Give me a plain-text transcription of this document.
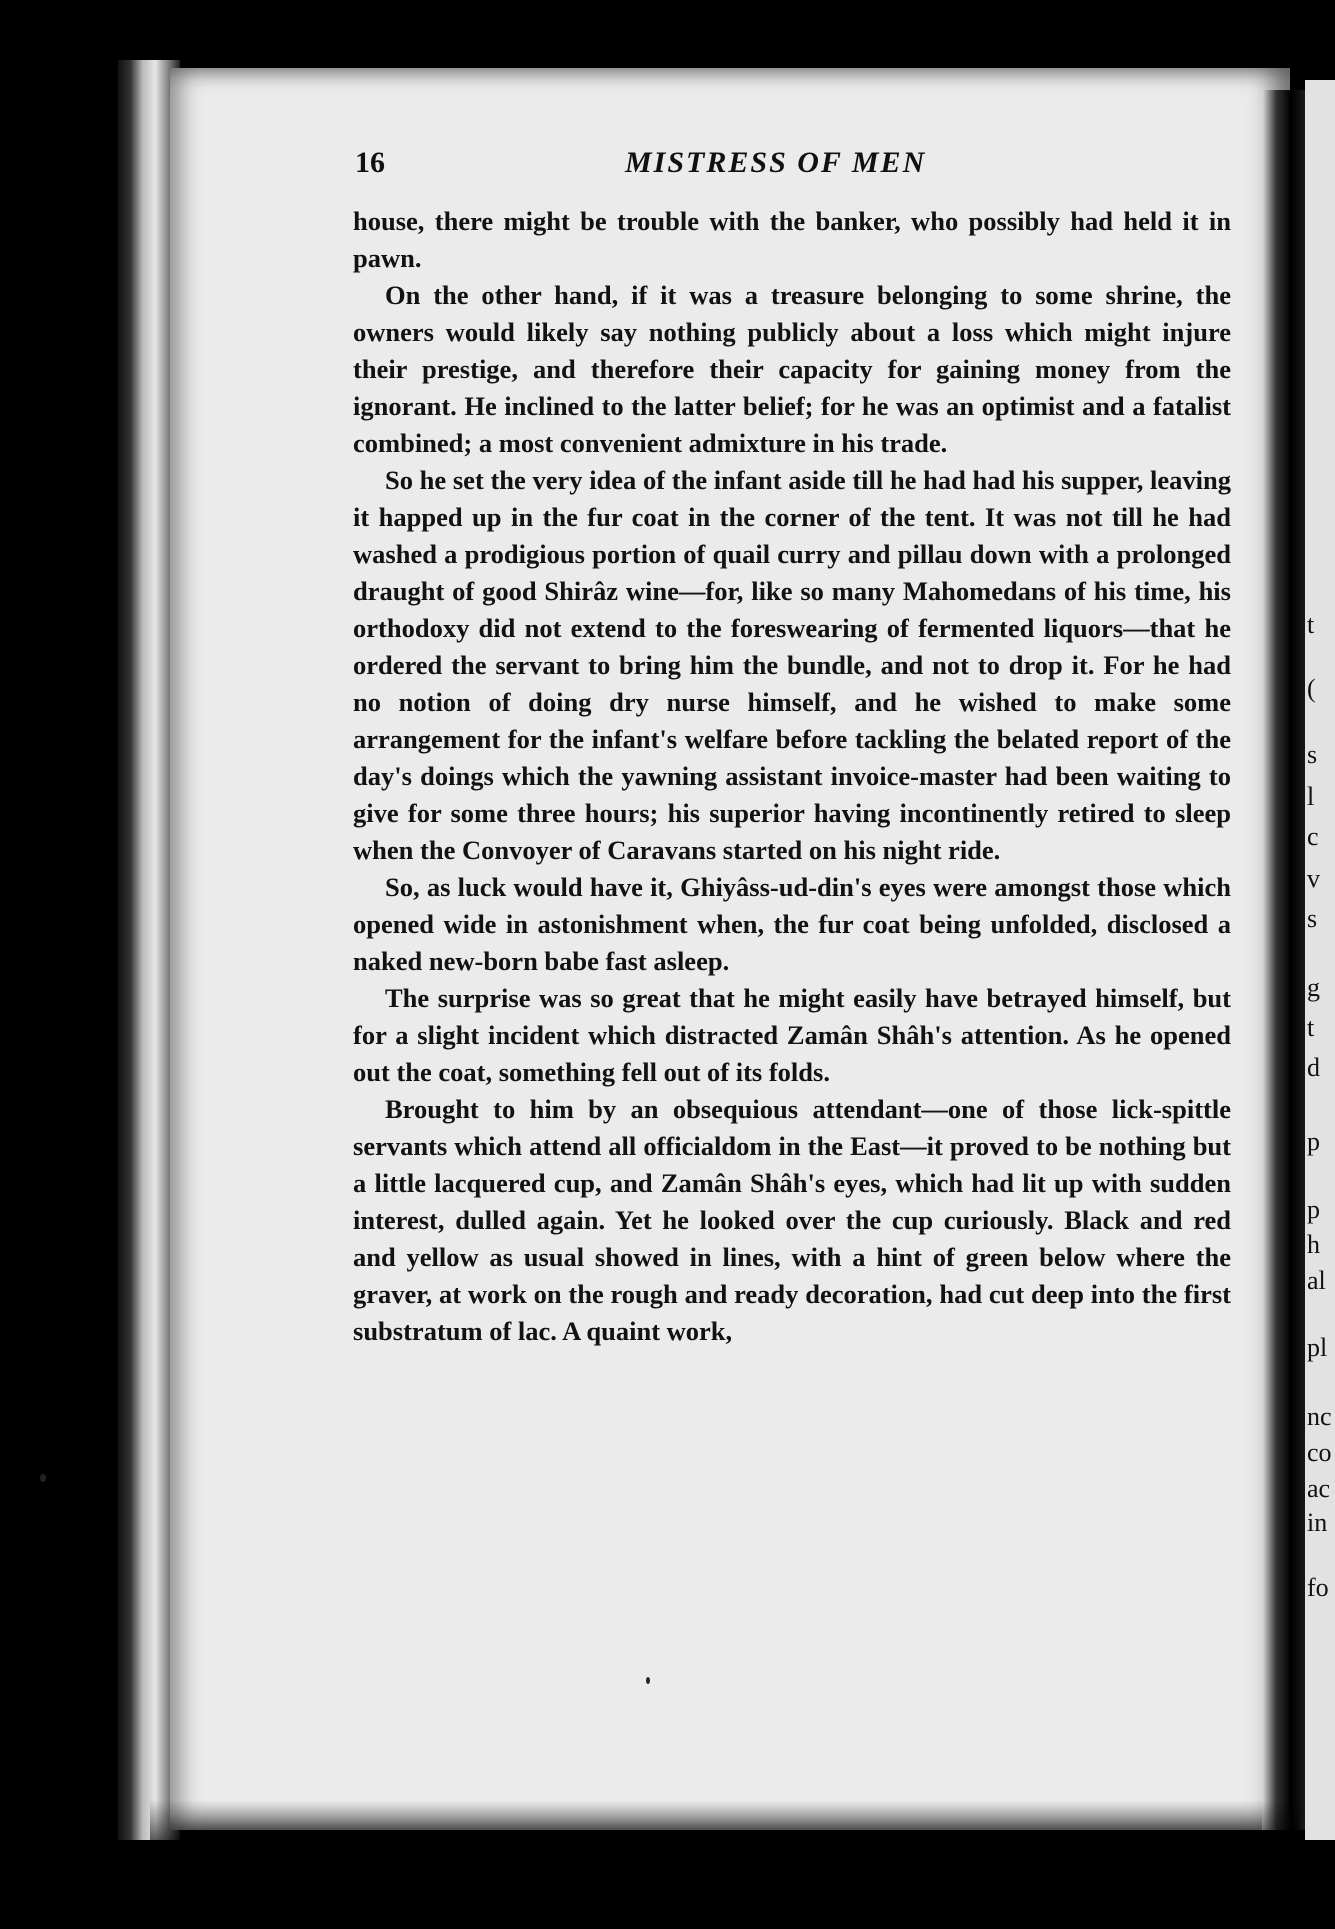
t
(
s
l
c
v
s
g
t
d
p
p
h
al
pl
nc
co
ac
in
fo
16	MISTRESS OF MEN

house, there might be trouble with the banker, who possibly had held it in pawn.

On the other hand, if it was a treasure belonging to some shrine, the owners would likely say nothing publicly about a loss which might injure their prestige, and therefore their capacity for gaining money from the ignorant. He inclined to the latter belief; for he was an optimist and a fatalist combined; a most convenient admixture in his trade.

So he set the very idea of the infant aside till he had had his supper, leaving it happed up in the fur coat in the corner of the tent. It was not till he had washed a prodigious portion of quail curry and pillau down with a prolonged draught of good Shirâz wine—for, like so many Mahomedans of his time, his orthodoxy did not extend to the foreswearing of fermented liquors—that he ordered the servant to bring him the bundle, and not to drop it. For he had no notion of doing dry nurse himself, and he wished to make some arrangement for the infant's welfare before tackling the belated report of the day's doings which the yawning assistant invoice-master had been waiting to give for some three hours; his superior having incontinently retired to sleep when the Convoyer of Caravans started on his night ride.

So, as luck would have it, Ghiyâss-ud-din's eyes were amongst those which opened wide in astonishment when, the fur coat being unfolded, disclosed a naked new-born babe fast asleep.

The surprise was so great that he might easily have betrayed himself, but for a slight incident which distracted Zamân Shâh's attention. As he opened out the coat, something fell out of its folds.

Brought to him by an obsequious attendant—one of those lick-spittle servants which attend all officialdom in the East—it proved to be nothing but a little lacquered cup, and Zamân Shâh's eyes, which had lit up with sudden interest, dulled again. Yet he looked over the cup curiously. Black and red and yellow as usual showed in lines, with a hint of green below where the graver, at work on the rough and ready decoration, had cut deep into the first substratum of lac. A quaint work,
